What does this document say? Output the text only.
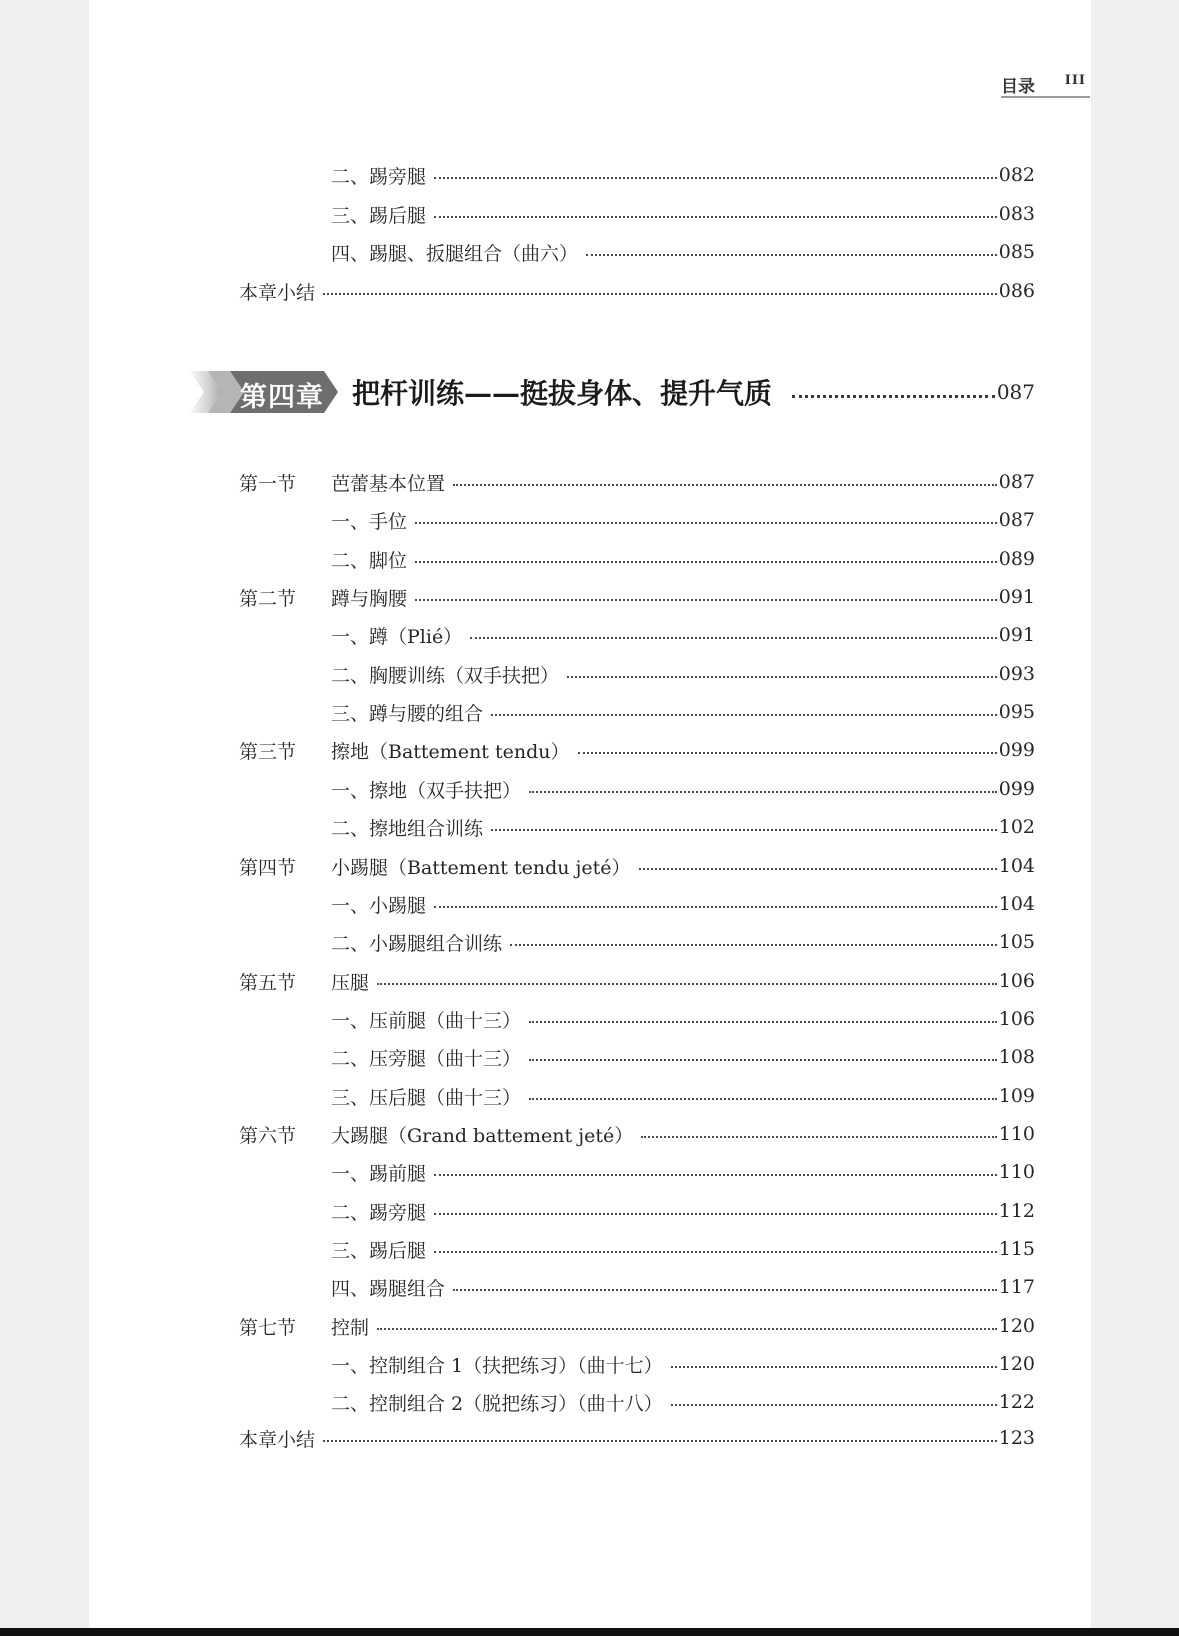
目录 III
二、踢旁腿	082
三、踢后腿	083
四、踢腿、扳腿组合（曲六）	085
本章小结	086
第四章 把杆训练——挺拔身体、提升气质	087
第一节	芭蕾基本位置	087
一、手位	087
二、脚位	089
第二节	蹲与胸腰	091
一、蹲（Plié）	091
二、胸腰训练（双手扶把）	093
三、蹲与腰的组合	095
第三节	擦地（Battement tendu）	099
一、擦地（双手扶把）	099
二、擦地组合训练	102
第四节	小踢腿（Battement tendu jeté）	104
一、小踢腿	104
二、小踢腿组合训练	105
第五节	压腿	106
一、压前腿（曲十三）	106
二、压旁腿（曲十三）	108
三、压后腿（曲十三）	109
第六节	大踢腿（Grand battement jeté）	110
一、踢前腿	110
二、踢旁腿	112
三、踢后腿	115
四、踢腿组合	117
第七节	控制	120
一、控制组合 1（扶把练习）（曲十七）	120
二、控制组合 2（脱把练习）（曲十八）	122
本章小结	123
